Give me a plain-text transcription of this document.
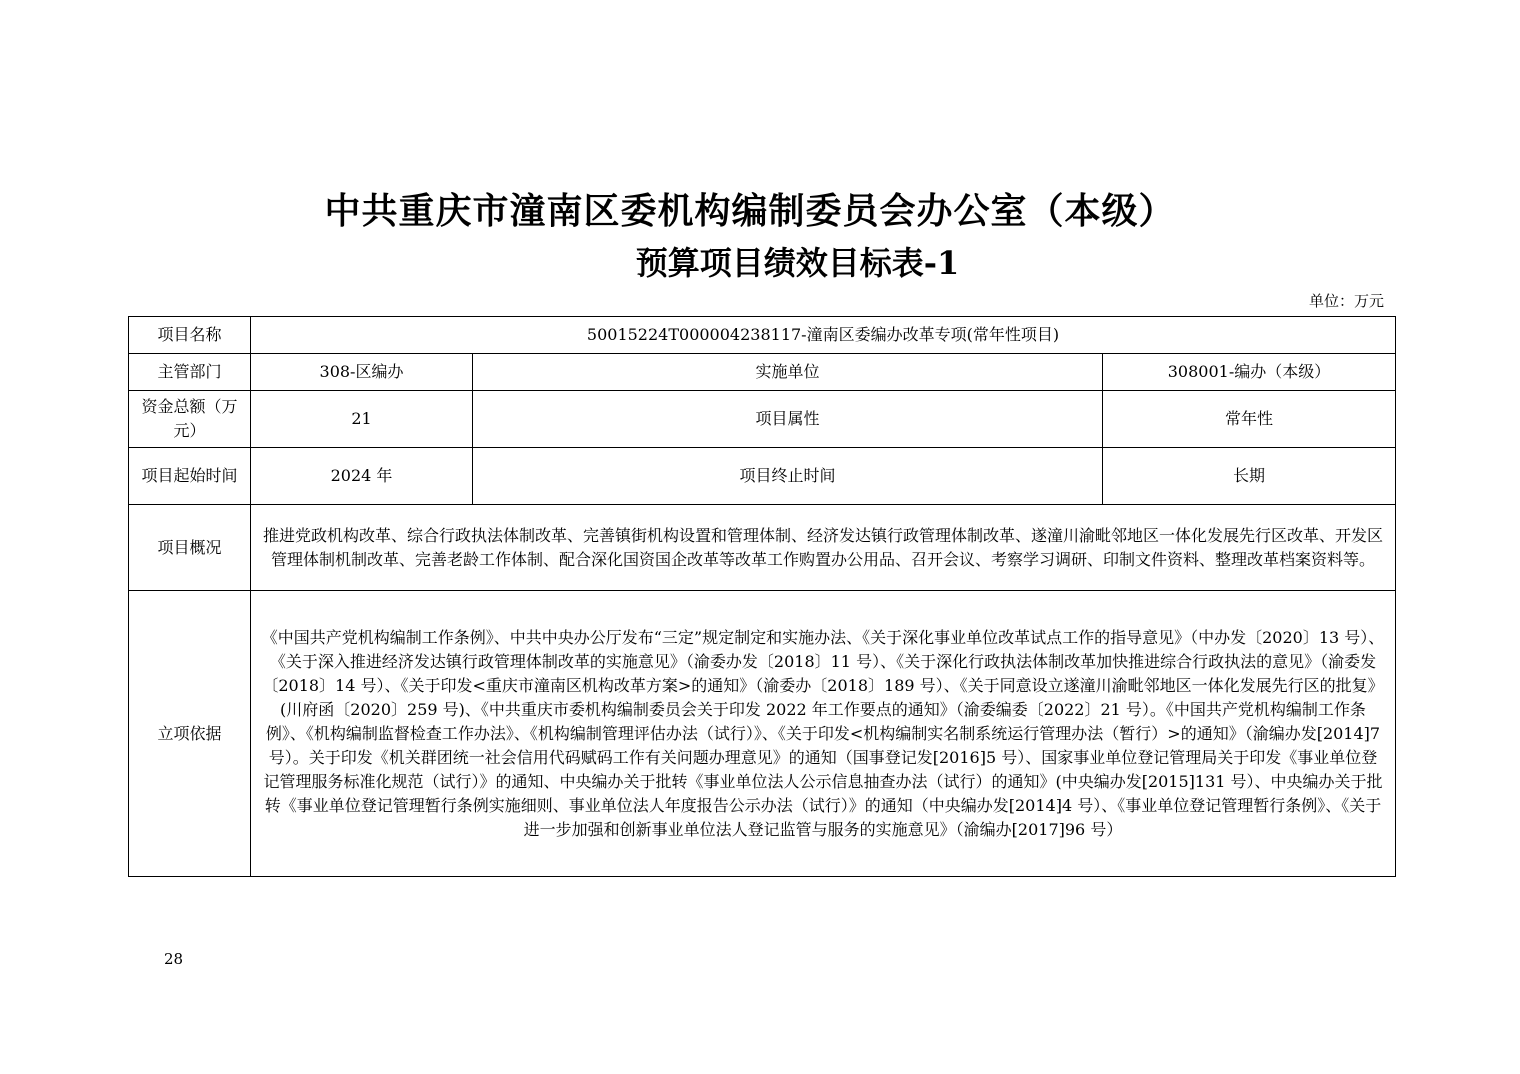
中共重庆市潼南区委机构编制委员会办公室（本级）
预算项目绩效目标表-1
单位：万元
项目名称	50015224T000004238117-潼南区委编办改革专项(常年性项目)		
主管部门	308-区编办	实施单位	308001-编办（本级）
资金总额（万元）	21	项目属性	常年性
项目起始时间	2024 年	项目终止时间	长期
项目概况	推进党政机构改革、综合行政执法体制改革、完善镇街机构设置和管理体制、经济发达镇行政管理体制改革、遂潼川渝毗邻地区一体化发展先行区改革、开发区管理体制机制改革、完善老龄工作体制、配合深化国资国企改革等改革工作购置办公用品、召开会议、考察学习调研、印制文件资料、整理改革档案资料等。		
立项依据	《中国共产党机构编制工作条例》、中共中央办公厅发布“三定”规定制定和实施办法、《关于深化事业单位改革试点工作的指导意见》（中办发〔2020〕13 号）、《关于深入推进经济发达镇行政管理体制改革的实施意见》（渝委办发〔2018〕11 号）、《关于深化行政执法体制改革加快推进综合行政执法的意见》（渝委发〔2018〕14 号）、《关于印发<重庆市潼南区机构改革方案>的通知》（渝委办〔2018〕189 号）、《关于同意设立遂潼川渝毗邻地区一体化发展先行区的批复》(川府函〔2020〕259 号)、《中共重庆市委机构编制委员会关于印发 2022 年工作要点的通知》（渝委编委〔2022〕21 号）。《中国共产党机构编制工作条例》、《机构编制监督检查工作办法》、《机构编制管理评估办法（试行）》、《关于印发<机构编制实名制系统运行管理办法（暂行）>的通知》（渝编办发[2014]7 号）。关于印发《机关群团统一社会信用代码赋码工作有关问题办理意见》的通知（国事登记发[2016]5 号）、国家事业单位登记管理局关于印发《事业单位登记管理服务标准化规范（试行）》的通知、中央编办关于批转《事业单位法人公示信息抽查办法（试行）的通知》(中央编办发[2015]131 号）、中央编办关于批转《事业单位登记管理暂行条例实施细则、事业单位法人年度报告公示办法（试行）》的通知（中央编办发[2014]4 号）、《事业单位登记管理暂行条例》、《关于进一步加强和创新事业单位法人登记监管与服务的实施意见》（渝编办[2017]96 号）		
28
